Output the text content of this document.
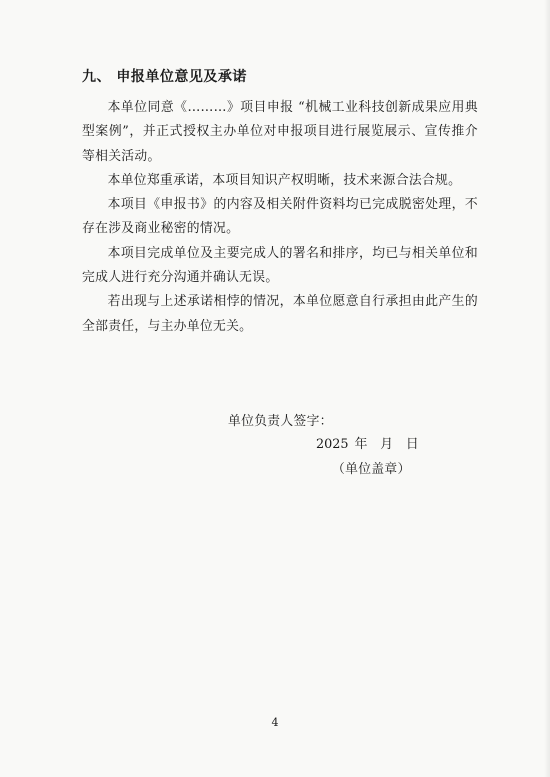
九、 申报单位意见及承诺

本单位同意《………》项目申报 “机械工业科技创新成果应用典型案例”，并正式授权主办单位对申报项目进行展览展示、宣传推介等相关活动。

本单位郑重承诺，本项目知识产权明晰，技术来源合法合规。

本项目《申报书》的内容及相关附件资料均已完成脱密处理，不存在涉及商业秘密的情况。

本项目完成单位及主要完成人的署名和排序，均已与相关单位和完成人进行充分沟通并确认无误。

若出现与上述承诺相悖的情况，本单位愿意自行承担由此产生的全部责任，与主办单位无关。

单位负责人签字：
2025 年　月　日
（单位盖章）
4
